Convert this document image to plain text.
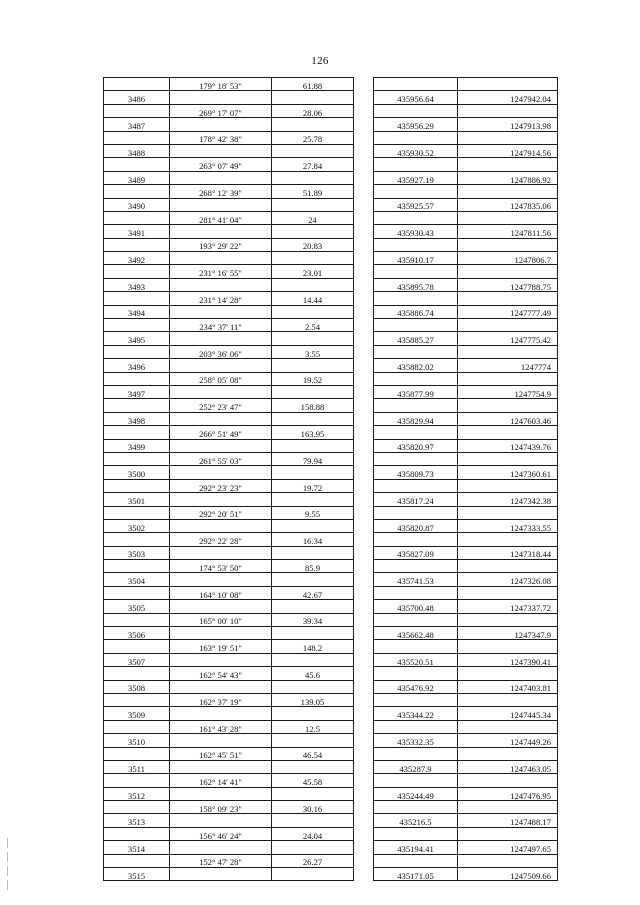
126
	179° 18' 53"	61.88			
3486				435956.64	1247942.04
	269° 17' 07"	28.06			
3487				435956.29	1247913.98
	178° 42' 38"	25.78			
3488				435930.52	1247914.56
	263° 07' 49"	27.84			
3489				435927.19	1247886.92
	268° 12' 39"	51.89			
3490				435925.57	1247835.06
	281° 41' 04"	24			
3491				435930.43	1247811.56
	193° 29' 22"	20.83			
3492				435910.17	1247806.7
	231° 16' 55"	23.01			
3493				435895.78	1247788.75
	231° 14' 28"	14.44			
3494				435886.74	1247777.49
	234° 37' 11"	2.54			
3495				435885.27	1247775.42
	203° 36' 06"	3.55			
3496				435882.02	1247774
	258° 05' 08"	19.52			
3497				435877.99	1247754.9
	252° 23' 47"	158.88			
3498				435829.94	1247603.46
	266° 51' 49"	163.95			
3499				435820.97	1247439.76
	261° 55' 03"	79.94			
3500				435809.73	1247360.61
	292° 23' 23"	19.72			
3501				435817.24	1247342.38
	292° 20' 51"	9.55			
3502				435820.87	1247333.55
	292° 22' 28"	16.34			
3503				435827.09	1247318.44
	174° 53' 50"	85.9			
3504				435741.53	1247326.08
	164° 10' 08"	42.67			
3505				435700.48	1247337.72
	165° 00' 10"	39.34			
3506				435662.48	1247347.9
	163° 19' 51"	148.2			
3507				435520.51	1247390.41
	162° 54' 43"	45.6			
3508				435476.92	1247403.81
	162° 37' 19"	139.05			
3509				435344.22	1247445.34
	161° 43' 28"	12.5			
3510				435332.35	1247449.26
	162° 45' 51"	46.54			
3511				435287.9	1247463.05
	162° 14' 41"	45.58			
3512				435244.49	1247476.95
	158° 09' 23"	30.16			
3513				435216.5	1247488.17
	156° 46' 24"	24.04			
3514				435194.41	1247497.65
	152° 47' 28"	26.27			
3515				435171.05	1247509.66
